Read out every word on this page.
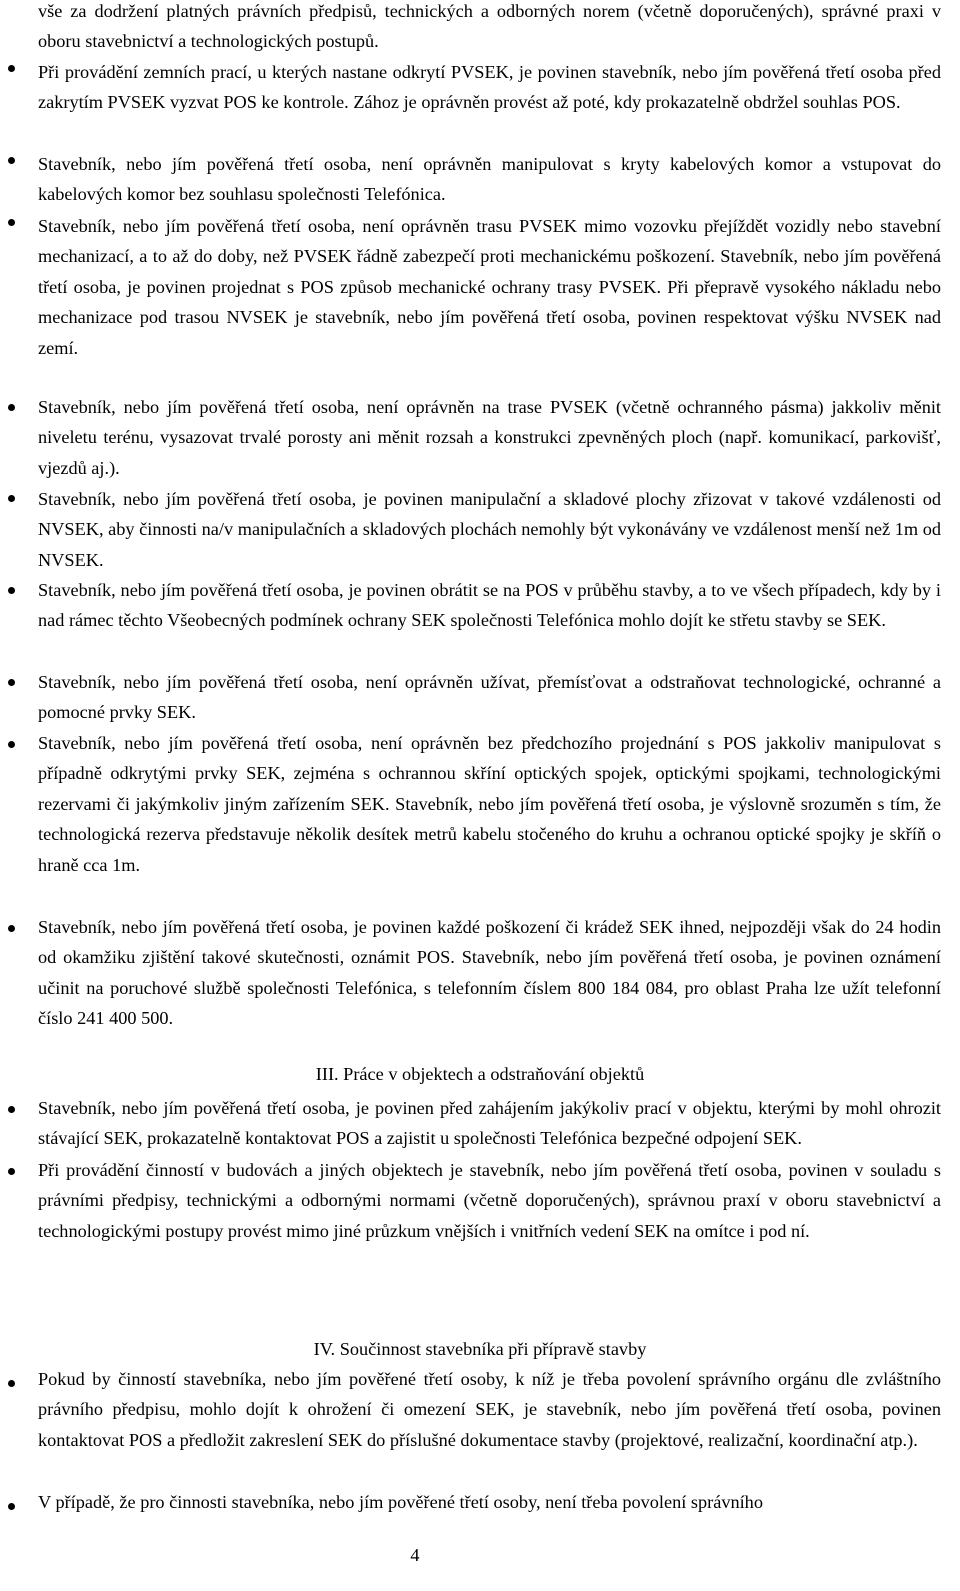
vše za dodržení platných právních předpisů, technických a odborných norem (včetně doporučených), správné praxi v oboru stavebnictví a technologických postupů.

Při provádění zemních prací, u kterých nastane odkrytí PVSEK, je povinen stavebník, nebo jím pověřená třetí osoba před zakrytím PVSEK vyzvat POS ke kontrole. Zához je oprávněn provést až poté, kdy prokazatelně obdržel souhlas POS.

Stavebník, nebo jím pověřená třetí osoba, není oprávněn manipulovat s kryty kabelových komor a vstupovat do kabelových komor bez souhlasu společnosti Telefónica.

Stavebník, nebo jím pověřená třetí osoba, není oprávněn trasu PVSEK mimo vozovku přejíždět vozidly nebo stavební mechanizací, a to až do doby, než PVSEK řádně zabezpečí proti mechanickému poškození. Stavebník, nebo jím pověřená třetí osoba, je povinen projednat s POS způsob mechanické ochrany trasy PVSEK. Při přepravě vysokého nákladu nebo mechanizace pod trasou NVSEK je stavebník, nebo jím pověřená třetí osoba, povinen respektovat výšku NVSEK nad zemí.

Stavebník, nebo jím pověřená třetí osoba, není oprávněn na trase PVSEK (včetně ochranného pásma) jakkoliv měnit niveletu terénu, vysazovat trvalé porosty ani měnit rozsah a konstrukci zpevněných ploch (např. komunikací, parkovišť, vjezdů aj.).

Stavebník, nebo jím pověřená třetí osoba, je povinen manipulační a skladové plochy zřizovat v takové vzdálenosti od NVSEK, aby činnosti na/v manipulačních a skladových plochách nemohly být vykonávány ve vzdálenost menší než 1m od NVSEK.

Stavebník, nebo jím pověřená třetí osoba, je povinen obrátit se na POS v průběhu stavby, a to ve všech případech, kdy by i nad rámec těchto Všeobecných podmínek ochrany SEK společnosti Telefónica mohlo dojít ke střetu stavby se SEK.

Stavebník, nebo jím pověřená třetí osoba, není oprávněn užívat, přemísťovat a odstraňovat technologické, ochranné a pomocné prvky SEK.

Stavebník, nebo jím pověřená třetí osoba, není oprávněn bez předchozího projednání s POS jakkoliv manipulovat s případně odkrytými prvky SEK, zejména s ochrannou skříní optických spojek, optickými spojkami, technologickými rezervami či jakýmkoliv jiným zařízením SEK. Stavebník, nebo jím pověřená třetí osoba, je výslovně srozuměn s tím, že technologická rezerva představuje několik desítek metrů kabelu stočeného do kruhu a ochranou optické spojky je skříň o hraně cca 1m.

Stavebník, nebo jím pověřená třetí osoba, je povinen každé poškození či krádež SEK ihned, nejpozději však do 24 hodin od okamžiku zjištění takové skutečnosti, oznámit POS. Stavebník, nebo jím pověřená třetí osoba, je povinen oznámení učinit na poruchové službě společnosti Telefónica, s telefonním číslem 800 184 084, pro oblast Praha lze užít telefonní číslo 241 400 500.

III. Práce v objektech a odstraňování objektů

Stavebník, nebo jím pověřená třetí osoba, je povinen před zahájením jakýkoliv prací v objektu, kterými by mohl ohrozit stávající SEK, prokazatelně kontaktovat POS a zajistit u společnosti Telefónica bezpečné odpojení SEK.

Při provádění činností v budovách a jiných objektech je stavebník, nebo jím pověřená třetí osoba, povinen v souladu s právními předpisy, technickými a odbornými normami (včetně doporučených), správnou praxí v oboru stavebnictví a technologickými postupy provést mimo jiné průzkum vnějších i vnitřních vedení SEK na omítce i pod ní.

IV. Součinnost stavebníka při přípravě stavby

Pokud by činností stavebníka, nebo jím pověřené třetí osoby, k níž je třeba povolení správního orgánu dle zvláštního právního předpisu, mohlo dojít k ohrožení či omezení SEK, je stavebník, nebo jím pověřená třetí osoba, povinen kontaktovat POS a předložit zakreslení SEK do příslušné dokumentace stavby (projektové, realizační, koordinační atp.).

V případě, že pro činnosti stavebníka, nebo jím pověřené třetí osoby, není třeba povolení správního

4
